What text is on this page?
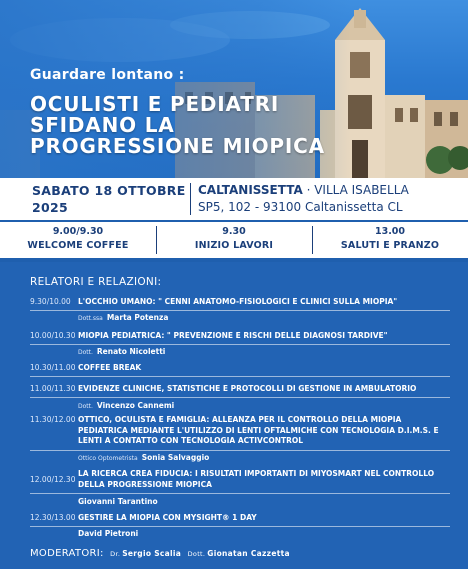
Guardare lontano :
OCULISTI E PEDIATRI
SFIDANO LA
PROGRESSIONE MIOPICA
SABATO 18 OTTOBRE
2025
CALTANISSETTA · VILLA ISABELLA
SP5, 102 - 93100 Caltanissetta CL
9.00/9.30
WELCOME COFFEE
9.30
INIZIO LAVORI
13.00
SALUTI E PRANZO
RELATORI E RELAZIONI:
9.30/10.00 L'OCCHIO UMANO: " CENNI ANATOMO-FISIOLOGICI E CLINICI SULLA MIOPIA"
Dott.ssa Marta Potenza
10.00/10.30 MIOPIA PEDIATRICA: " PREVENZIONE E RISCHI DELLE DIAGNOSI TARDIVE"
Dott. Renato Nicoletti
10.30/11.00 COFFEE BREAK
11.00/11.30 EVIDENZE CLINICHE, STATISTICHE E PROTOCOLLI DI GESTIONE IN AMBULATORIO
Dott. Vincenzo Cannemi
11.30/12.00 OTTICO, OCULISTA E FAMIGLIA: ALLEANZA PER IL CONTROLLO DELLA MIOPIA PEDIATRICA MEDIANTE L'UTILIZZO DI LENTI OFTALMICHE CON TECNOLOGIA D.I.M.S. E LENTI A CONTATTO CON TECNOLOGIA ACTIVCONTROL
Ottico Optometrista Sonia Salvaggio
12.00/12.30
LA RICERCA CREA FIDUCIA: I RISULTATI IMPORTANTI DI MIYOSMART NEL CONTROLLO DELLA PROGRESSIONE MIOPICA
Giovanni Tarantino
12.30/13.00 GESTIRE LA MIOPIA CON MYSIGHT® 1 DAY
David Pietroni
MODERATORI: Dr. Sergio Scalia Dott. Gionatan Cazzetta
